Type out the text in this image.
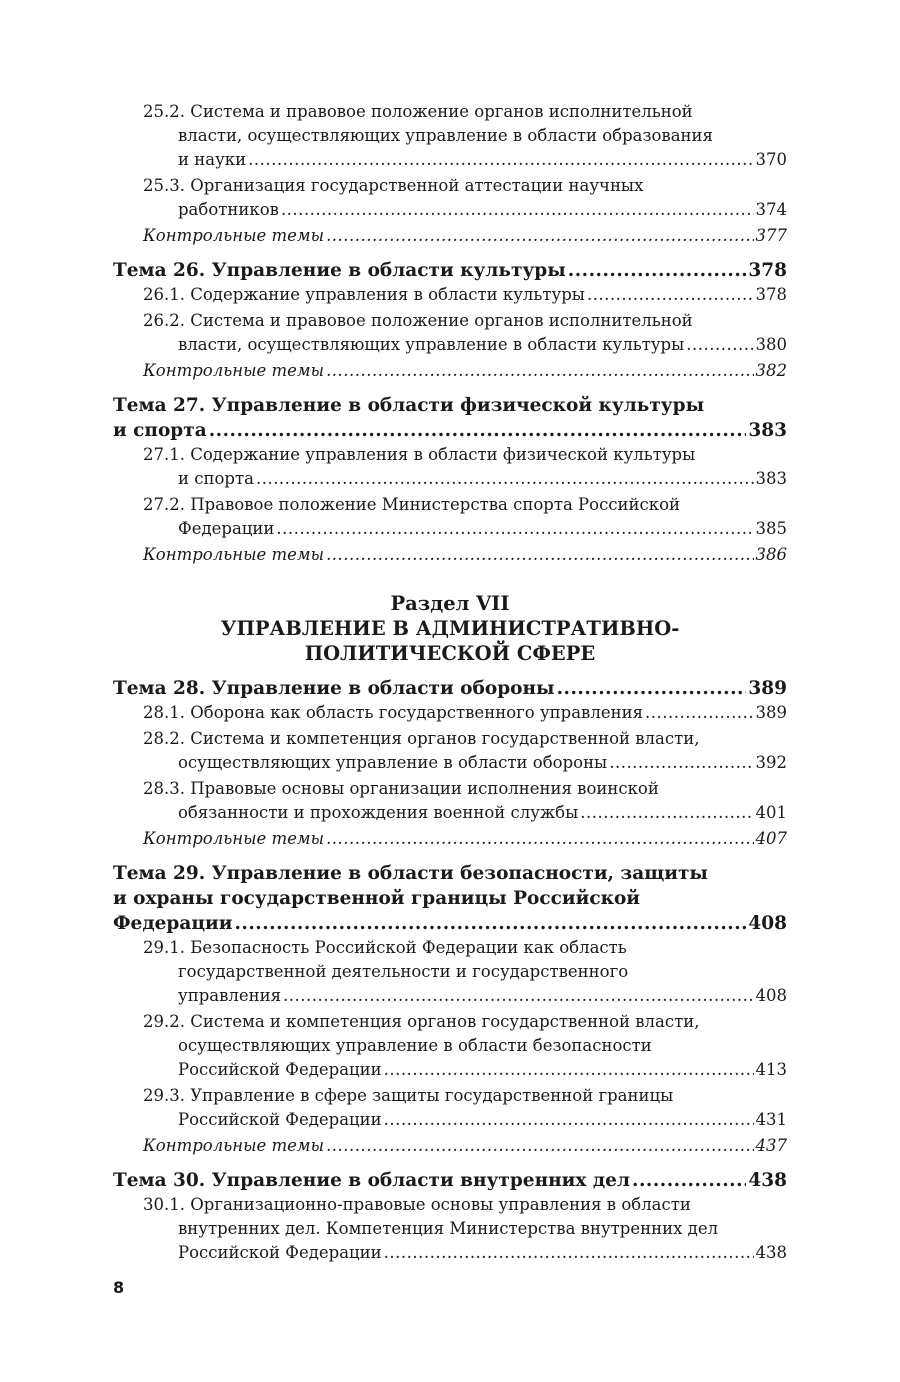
25.2. Система и правовое положение органов исполнительной
власти, осуществляющих управление в области образования
и науки .....	370
25.3. Организация государственной аттестации научных
работников .....	374
Контрольные темы .....	377
Тема 26. Управление в области культуры .....	378
26.1. Содержание управления в области культуры .....	378
26.2. Система и правовое положение органов исполнительной
власти, осуществляющих управление в области культуры .....	380
Контрольные темы .....	382
Тема 27. Управление в области физической культуры
и спорта .....	383
27.1. Содержание управления в области физической культуры
и спорта .....	383
27.2. Правовое положение Министерства спорта Российской
Федерации .....	385
Контрольные темы .....	386
Раздел VII
УПРАВЛЕНИЕ В АДМИНИСТРАТИВНО-
ПОЛИТИЧЕСКОЙ СФЕРЕ
Тема 28. Управление в области обороны .....	389
28.1. Оборона как область государственного управления .....	389
28.2. Система и компетенция органов государственной власти,
осуществляющих управление в области обороны .....	392
28.3. Правовые основы организации исполнения воинской
обязанности и прохождения военной службы .....	401
Контрольные темы .....	407
Тема 29. Управление в области безопасности, защиты
и охраны государственной границы Российской
Федерации .....	408
29.1. Безопасность Российской Федерации как область
государственной деятельности и государственного
управления .....	408
29.2. Система и компетенция органов государственной власти,
осуществляющих управление в области безопасности
Российской Федерации .....	413
29.3. Управление в сфере защиты государственной границы
Российской Федерации .....	431
Контрольные темы .....	437
Тема 30. Управление в области внутренних дел .....	438
30.1. Организационно-правовые основы управления в области
внутренних дел. Компетенция Министерства внутренних дел
Российской Федерации .....	438
8
